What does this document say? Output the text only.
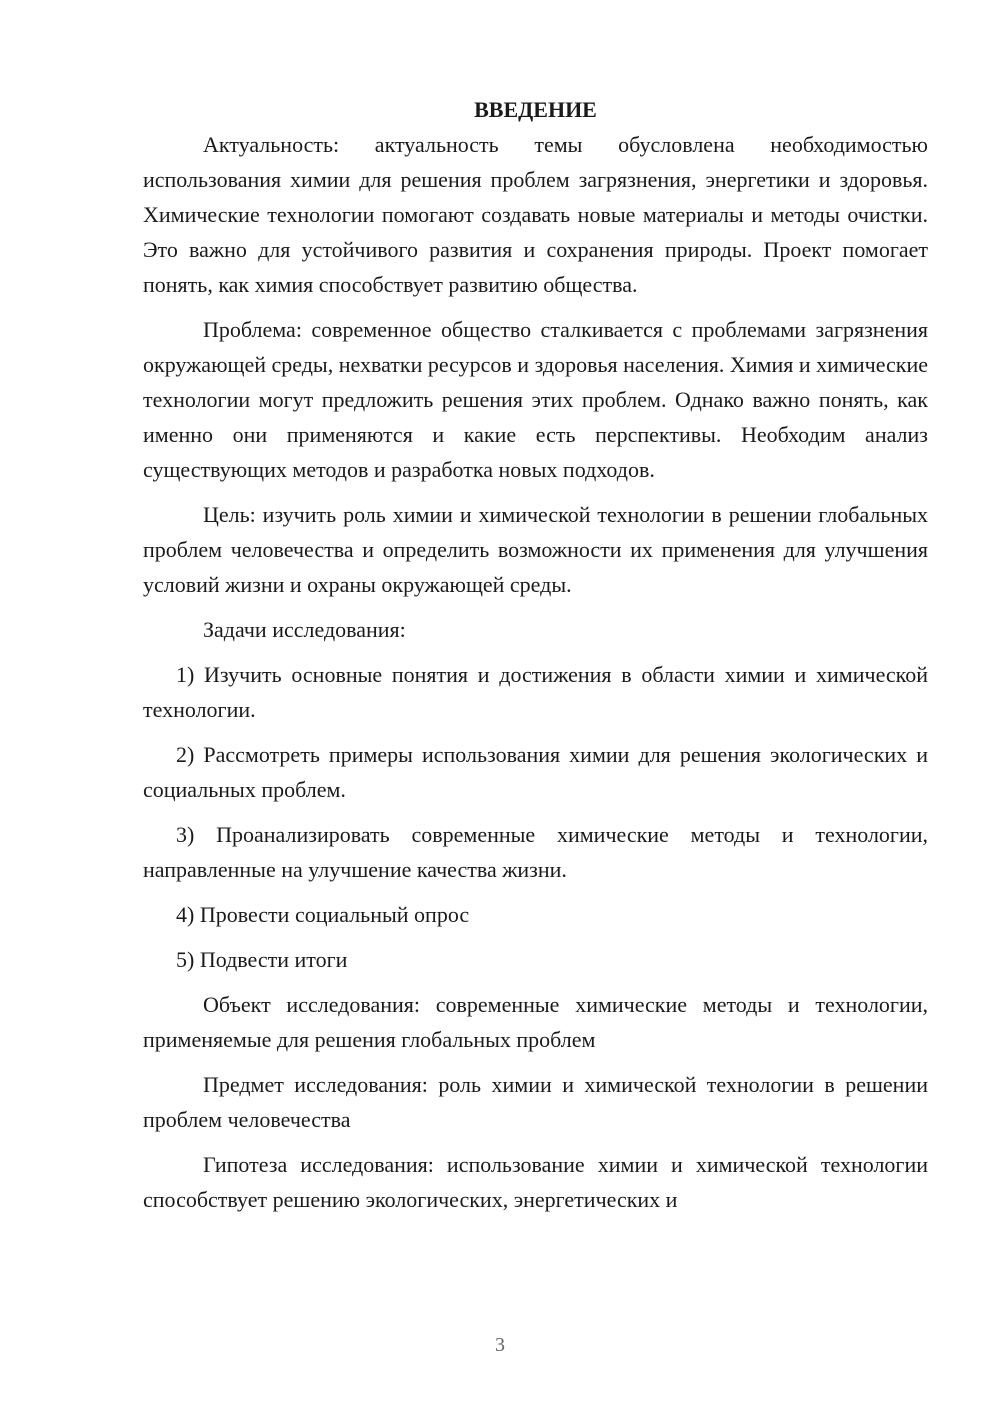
ВВЕДЕНИЕ

Актуальность: актуальность темы обусловлена необходимостью использования химии для решения проблем загрязнения, энергетики и здоровья. Химические технологии помогают создавать новые материалы и методы очистки. Это важно для устойчивого развития и сохранения природы. Проект помогает понять, как химия способствует развитию общества.

Проблема: современное общество сталкивается с проблемами загрязнения окружающей среды, нехватки ресурсов и здоровья населения. Химия и химические технологии могут предложить решения этих проблем. Однако важно понять, как именно они применяются и какие есть перспективы. Необходим анализ существующих методов и разработка новых подходов.

Цель: изучить роль химии и химической технологии в решении глобальных проблем человечества и определить возможности их применения для улучшения условий жизни и охраны окружающей среды.

Задачи исследования:

1) Изучить основные понятия и достижения в области химии и химической технологии.

2) Рассмотреть примеры использования химии для решения экологических и социальных проблем.

3) Проанализировать современные химические методы и технологии, направленные на улучшение качества жизни.

4) Провести социальный опрос

5) Подвести итоги

Объект исследования: современные химические методы и технологии, применяемые для решения глобальных проблем

Предмет исследования: роль химии и химической технологии в решении проблем человечества

Гипотеза исследования: использование химии и химической технологии способствует решению экологических, энергетических и

3
